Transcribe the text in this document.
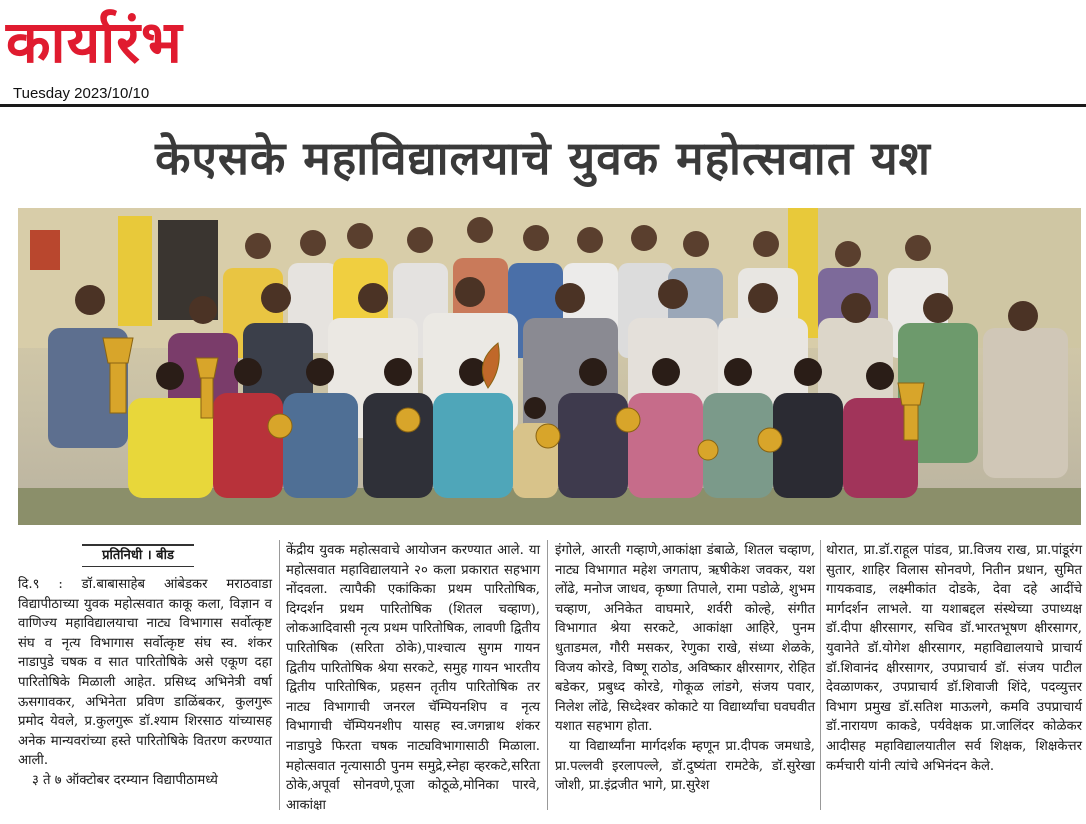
कार्यारंभ
Tuesday 2023/10/10
केएसके महाविद्यालयाचे युवक महोत्सवात यश
प्रतिनिधी । बीड

दि.९ : डॉ.बाबासाहेब आंबेडकर मराठवाडा विद्यापीठाच्या युवक महोत्सवात काकू कला, विज्ञान व वाणिज्य महाविद्यालयाचा नाट्य विभागास सर्वोत्कृष्ट संघ व नृत्य विभागास सर्वोत्कृष्ट संघ स्व. शंकर नाडापुडे चषक व सात पारितोषिके असे एकूण दहा पारितोषिके मिळाली आहेत. प्रसिध्द अभिनेत्री वर्षा ऊसगावकर, अभिनेता प्रविण डाळिंबकर, कुलगुरू प्रमोद येवले, प्र.कुलगुरू डॉ.श्याम शिरसाठ यांच्यासह अनेक मान्यवरांच्या हस्ते पारितोषिके वितरण करण्यात आली.

३ ते ७ ऑक्टोबर दरम्यान विद्यापीठामध्ये

केंद्रीय युवक महोत्सवाचे आयोजन करण्यात आले. या महोत्सवात महाविद्यालयाने २० कला प्रकारात सहभाग नोंदवला. त्यापैकी एकांकिका प्रथम पारितोषिक, दिग्दर्शन प्रथम पारितोषिक (शितल चव्हाण), लोकआदिवासी नृत्य प्रथम पारितोषिक, लावणी द्वितीय पारितोषिक (सरिता ठोके),पाश्चात्य सुगम गायन द्वितीय पारितोषिक श्रेया सरकटे, समुह गायन भारतीय द्वितीय पारितोषिक, प्रहसन तृतीय पारितोषिक तर नाट्य विभागाची जनरल चॅम्पियनशिप व नृत्य विभागाची चॅम्पियनशीप यासह स्व.जगन्नाथ शंकर नाडापुडे फिरता चषक नाट्यविभागासाठी मिळाला. महोत्सवात नृत्यासाठी पुनम समुद्रे,स्नेहा व्हरकटे,सरिता ठोके,अपूर्वा सोनवणे,पूजा कोठूळे,मोनिका पारवे, आकांक्षा

इंगोले, आरती गव्हाणे,आकांक्षा डंबाळे, शितल चव्हाण, नाट्य विभागात महेश जगताप, ऋषीकेश जवकर, यश लोंढे, मनोज जाधव, कृष्णा तिपाले, रामा पडोळे, शुभम चव्हाण, अनिकेत वाघमारे, शर्वरी कोल्हे, संगीत विभागात श्रेया सरकटे, आकांक्षा आहिरे, पुनम धुताडमल, गौरी मसकर, रेणुका राखे, संध्या शेळके, विजय कोरडे, विष्णू राठोड, अविष्कार क्षीरसागर, रोहित बडेकर, प्रबुध्द कोरडे, गोकूळ लांडगे, संजय पवार, निलेश लोंढे, सिध्देश्वर कोकाटे या विद्यार्थ्यांचा घवघवीत यशात सहभाग होता.

या विद्यार्थ्यांना मार्गदर्शक म्हणून प्रा.दीपक जमधाडे, प्रा.पल्लवी इरलापल्ले, डॉ.दुष्यंता रामटेके, डॉ.सुरेखा जोशी, प्रा.इंद्रजीत भागे, प्रा.सुरेश

थोरात, प्रा.डॉ.राहूल पांडव, प्रा.विजय राख, प्रा.पांडूरंग सुतार, शाहिर विलास सोनवणे, नितीन प्रधान, सुमित गायकवाड, लक्ष्मीकांत दोडके, देवा दहे आदींचे मार्गदर्शन लाभले. या यशाबद्दल संस्थेच्या उपाध्यक्ष डॉ.दीपा क्षीरसागर, सचिव डॉ.भारतभूषण क्षीरसागर, युवानेते डॉ.योगेश क्षीरसागर, महाविद्यालयाचे प्राचार्य डॉ.शिवानंद क्षीरसागर, उपप्राचार्य डॉ. संजय पाटील देवळाणकर, उपप्राचार्य डॉ.शिवाजी शिंदे, पदव्युत्तर विभाग प्रमुख डॉ.सतिश माऊलगे, कमवि उपप्राचार्य डॉ.नारायण काकडे, पर्यवेक्षक प्रा.जालिंदर कोळेकर आदीसह महाविद्यालयातील सर्व शिक्षक, शिक्षकेत्तर कर्मचारी यांनी त्यांचे अभिनंदन केले.
